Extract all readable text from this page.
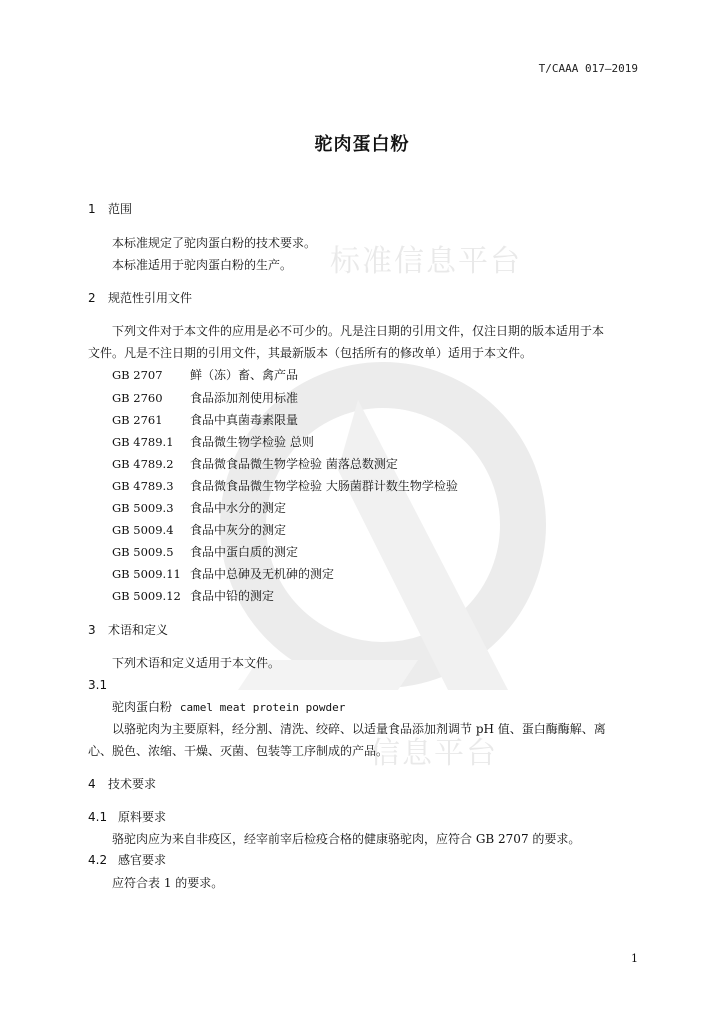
标准信息平台
信息平台
T/CAAA 017—2019
驼肉蛋白粉
1 范围
本标准规定了驼肉蛋白粉的技术要求。
本标准适用于驼肉蛋白粉的生产。
2 规范性引用文件
下列文件对于本文件的应用是必不可少的。凡是注日期的引用文件，仅注日期的版本适用于本
文件。凡是不注日期的引用文件，其最新版本（包括所有的修改单）适用于本文件。
GB 2707 鲜（冻）畜、禽产品
GB 2760 食品添加剂使用标准
GB 2761 食品中真菌毒素限量
GB 4789.1 食品微生物学检验 总则
GB 4789.2 食品微食品微生物学检验 菌落总数测定
GB 4789.3 食品微食品微生物学检验 大肠菌群计数生物学检验
GB 5009.3 食品中水分的测定
GB 5009.4 食品中灰分的测定
GB 5009.5 食品中蛋白质的测定
GB 5009.11 食品中总砷及无机砷的测定
GB 5009.12 食品中铅的测定
3 术语和定义
下列术语和定义适用于本文件。
3.1
驼肉蛋白粉 camel meat protein powder
以骆驼肉为主要原料，经分割、清洗、绞碎、以适量食品添加剂调节 pH 值、蛋白酶酶解、离
心、脱色、浓缩、干燥、灭菌、包装等工序制成的产品。
4 技术要求
4.1 原料要求
骆驼肉应为来自非疫区，经宰前宰后检疫合格的健康骆驼肉，应符合 GB 2707 的要求。
4.2 感官要求
应符合表 1 的要求。
1
